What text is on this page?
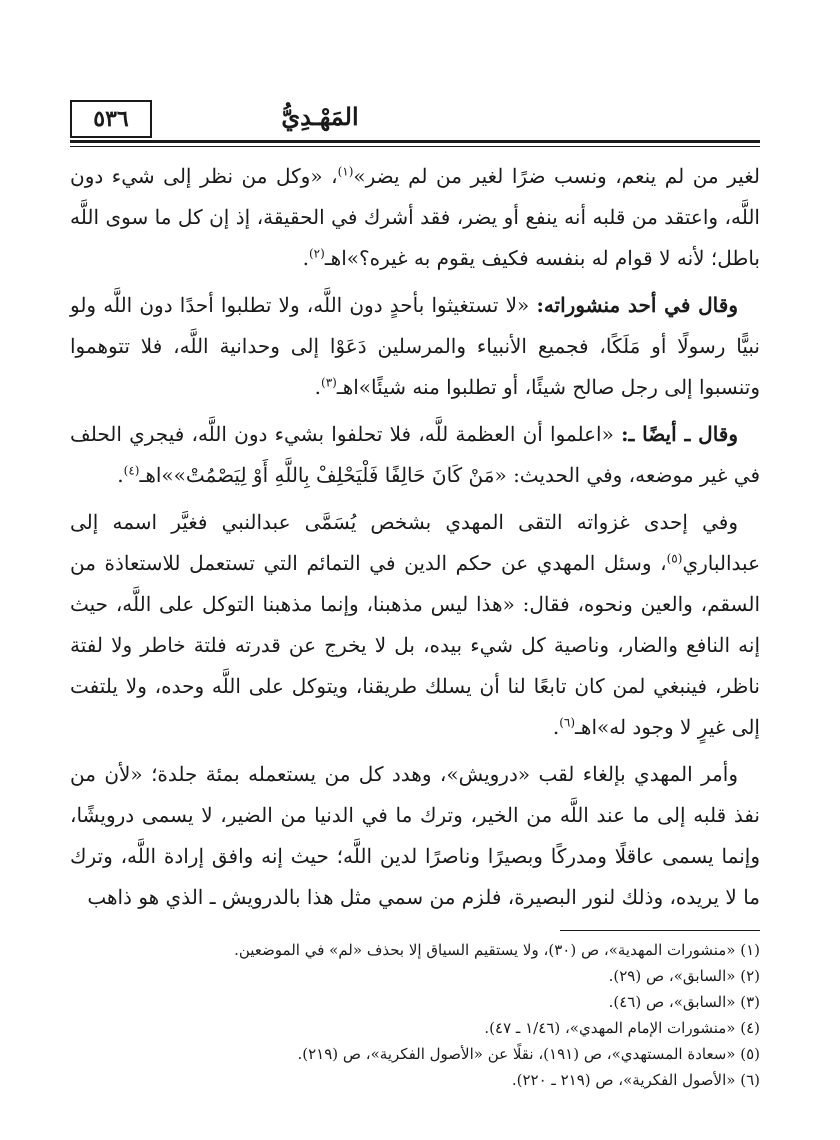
٥٣٦	المَهْـدِيُّ

لغير من لم ينعم، ونسب ضرًا لغير من لم يضر»$^{(١)}$، «وكل من نظر إلى شيء دون اللَّه، واعتقد من قلبه أنه ينفع أو يضر، فقد أشرك في الحقيقة، إذ إن كل ما سوى اللَّه باطل؛ لأنه لا قوام له بنفسه فكيف يقوم به غيره؟»اهـ$^{(٢)}$.

وقال في أحد منشوراته: «لا تستغيثوا بأحدٍ دون اللَّه، ولا تطلبوا أحدًا دون اللَّه ولو نبيًّا رسولًا أو مَلَكًا، فجميع الأنبياء والمرسلين دَعَوْا إلى وحدانية اللَّه، فلا تتوهموا وتنسبوا إلى رجل صالح شيئًا، أو تطلبوا منه شيئًا»اهـ$^{(٣)}$.

وقال ـ أيضًا ـ: «اعلموا أن العظمة للَّه، فلا تحلفوا بشيء دون اللَّه، فيجري الحلف في غير موضعه، وفي الحديث: «مَنْ كَانَ حَالِفًا فَلْيَحْلِفْ بِاللَّهِ أَوْ لِيَصْمُتْ»»اهـ$^{(٤)}$.

وفي إحدى غزواته التقى المهدي بشخص يُسَمَّى عبدالنبي فغيَّر اسمه إلى عبدالباري$^{(٥)}$، وسئل المهدي عن حكم الدين في التمائم التي تستعمل للاستعاذة من السقم، والعين ونحوه، فقال: «هذا ليس مذهبنا، وإنما مذهبنا التوكل على اللَّه، حيث إنه النافع والضار، وناصية كل شيء بيده، بل لا يخرج عن قدرته فلتة خاطر ولا لفتة ناظر، فينبغي لمن كان تابعًا لنا أن يسلك طريقنا، ويتوكل على اللَّه وحده، ولا يلتفت إلى غيرٍ لا وجود له»اهـ$^{(٦)}$.

وأمر المهدي بإلغاء لقب «درويش»، وهدد كل من يستعمله بمئة جلدة؛ «لأن من نفذ قلبه إلى ما عند اللَّه من الخير، وترك ما في الدنيا من الضير، لا يسمى درويشًا، وإنما يسمى عاقلًا ومدركًا وبصيرًا وناصرًا لدين اللَّه؛ حيث إنه وافق إرادة اللَّه، وترك ما لا يريده، وذلك لنور البصيرة، فلزم من سمي مثل هذا بالدرويش ـ الذي هو ذاهب

(١) «منشورات المهدية»، ص (٣٠)، ولا يستقيم السياق إلا بحذف «لم» في الموضعين.
(٢) «السابق»، ص (٢٩).
(٣) «السابق»، ص (٤٦).
(٤) «منشورات الإمام المهدي»، (١/٤٦ ـ ٤٧).
(٥) «سعادة المستهدي»، ص (١٩١)، نقلًا عن «الأصول الفكرية»، ص (٢١٩).
(٦) «الأصول الفكرية»، ص (٢١٩ ـ ٢٢٠).
